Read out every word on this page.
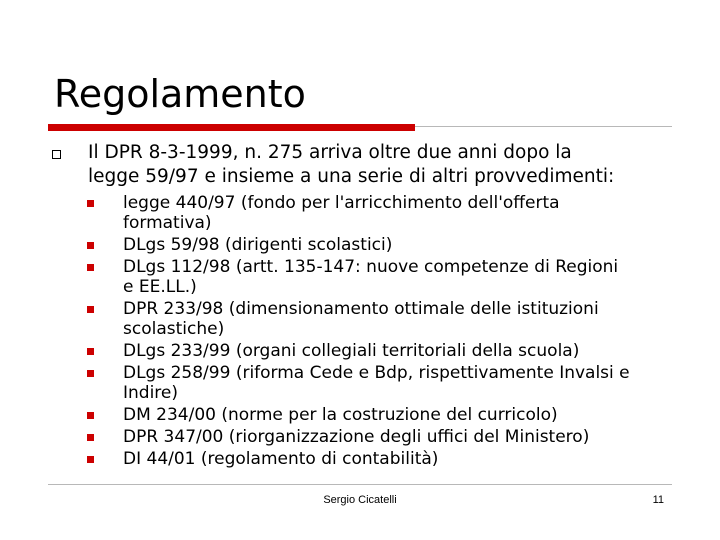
Regolamento
Il DPR 8-3-1999, n. 275 arriva oltre due anni dopo la
legge 59/97 e insieme a una serie di altri provvedimenti:
legge 440/97 (fondo per l'arricchimento dell'offerta
formativa)
DLgs 59/98 (dirigenti scolastici)
DLgs 112/98 (artt. 135-147: nuove competenze di Regioni
e EE.LL.)
DPR 233/98 (dimensionamento ottimale delle istituzioni
scolastiche)
DLgs 233/99 (organi collegiali territoriali della scuola)
DLgs 258/99 (riforma Cede e Bdp, rispettivamente Invalsi e
Indire)
DM 234/00 (norme per la costruzione del curricolo)
DPR 347/00 (riorganizzazione degli uffici del Ministero)
DI 44/01 (regolamento di contabilità)
Sergio Cicatelli	11
